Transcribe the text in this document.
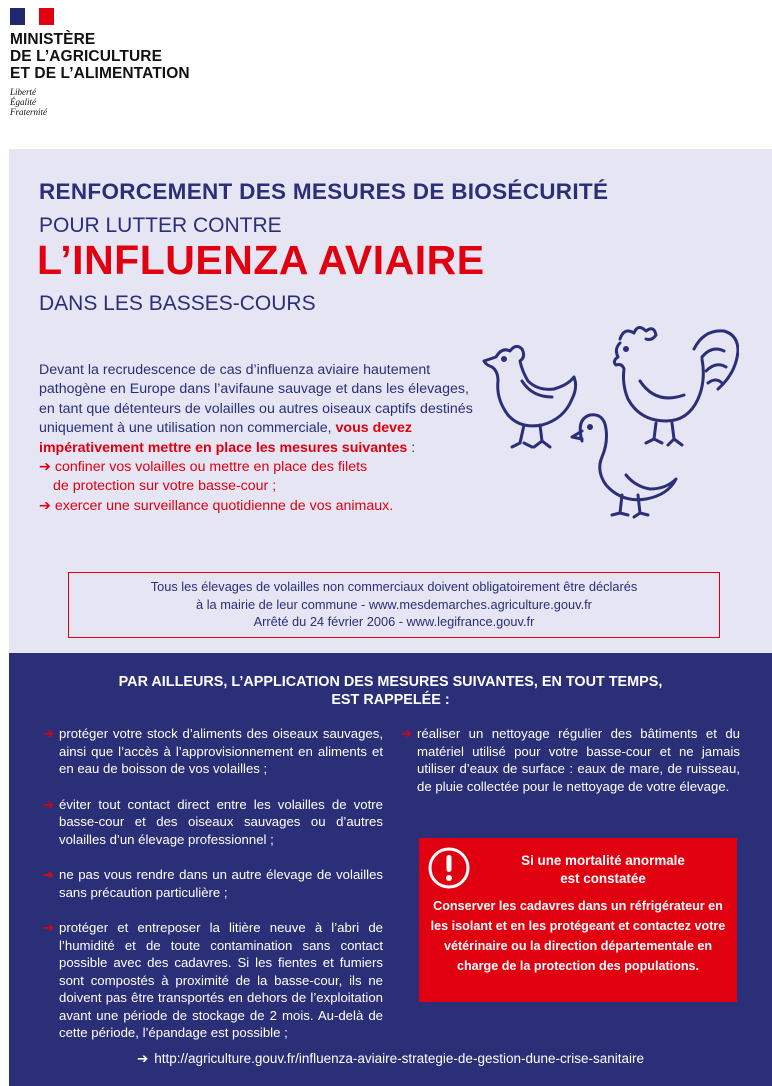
MINISTÈRE
DE L’AGRICULTURE
ET DE L’ALIMENTATION
Liberté
Égalité
Fraternité
RENFORCEMENT DES MESURES DE BIOSÉCURITÉ
POUR LUTTER CONTRE
L’INFLUENZA AVIAIRE
DANS LES BASSES-COURS
Devant la recrudescence de cas d’influenza aviaire hautement pathogène en Europe dans l’avifaune sauvage et dans les élevages, en tant que détenteurs de volailles ou autres oiseaux captifs destinés uniquement à une utilisation non commerciale, vous devez impérativement mettre en place les mesures suivantes :
➔ confiner vos volailles ou mettre en place des filets
de protection sur votre basse-cour ;
➔ exercer une surveillance quotidienne de vos animaux.
Tous les élevages de volailles non commerciaux doivent obligatoirement être déclarés
à la mairie de leur commune - www.mesdemarches.agriculture.gouv.fr
Arrêté du 24 février 2006 - www.legifrance.gouv.fr
PAR AILLEURS, L’APPLICATION DES MESURES SUIVANTES, EN TOUT TEMPS,
EST RAPPELÉE :
➔ protéger votre stock d’aliments des oiseaux sauvages, ainsi que l’accès à l’approvisionnement en aliments et en eau de boisson de vos volailles ;
➔ éviter tout contact direct entre les volailles de votre basse-cour et des oiseaux sauvages ou d’autres volailles d’un élevage professionnel ;
➔ ne pas vous rendre dans un autre élevage de volailles sans précaution particulière ;
➔ protéger et entreposer la litière neuve à l’abri de l’humidité et de toute contamination sans contact possible avec des cadavres. Si les fientes et fumiers sont compostés à proximité de la basse-cour, ils ne doivent pas être transportés en dehors de l’exploitation avant une période de stockage de 2 mois. Au-delà de cette période, l’épandage est possible ;
➔ réaliser un nettoyage régulier des bâtiments et du matériel utilisé pour votre basse-cour et ne jamais utiliser d’eaux de surface : eaux de mare, de ruisseau, de pluie collectée pour le nettoyage de votre élevage.
Si une mortalité anormale
est constatée
Conserver les cadavres dans un réfrigérateur en les isolant et en les protégeant et contactez votre vétérinaire ou la direction départementale en charge de la protection des populations.
➔ http://agriculture.gouv.fr/influenza-aviaire-strategie-de-gestion-dune-crise-sanitaire
